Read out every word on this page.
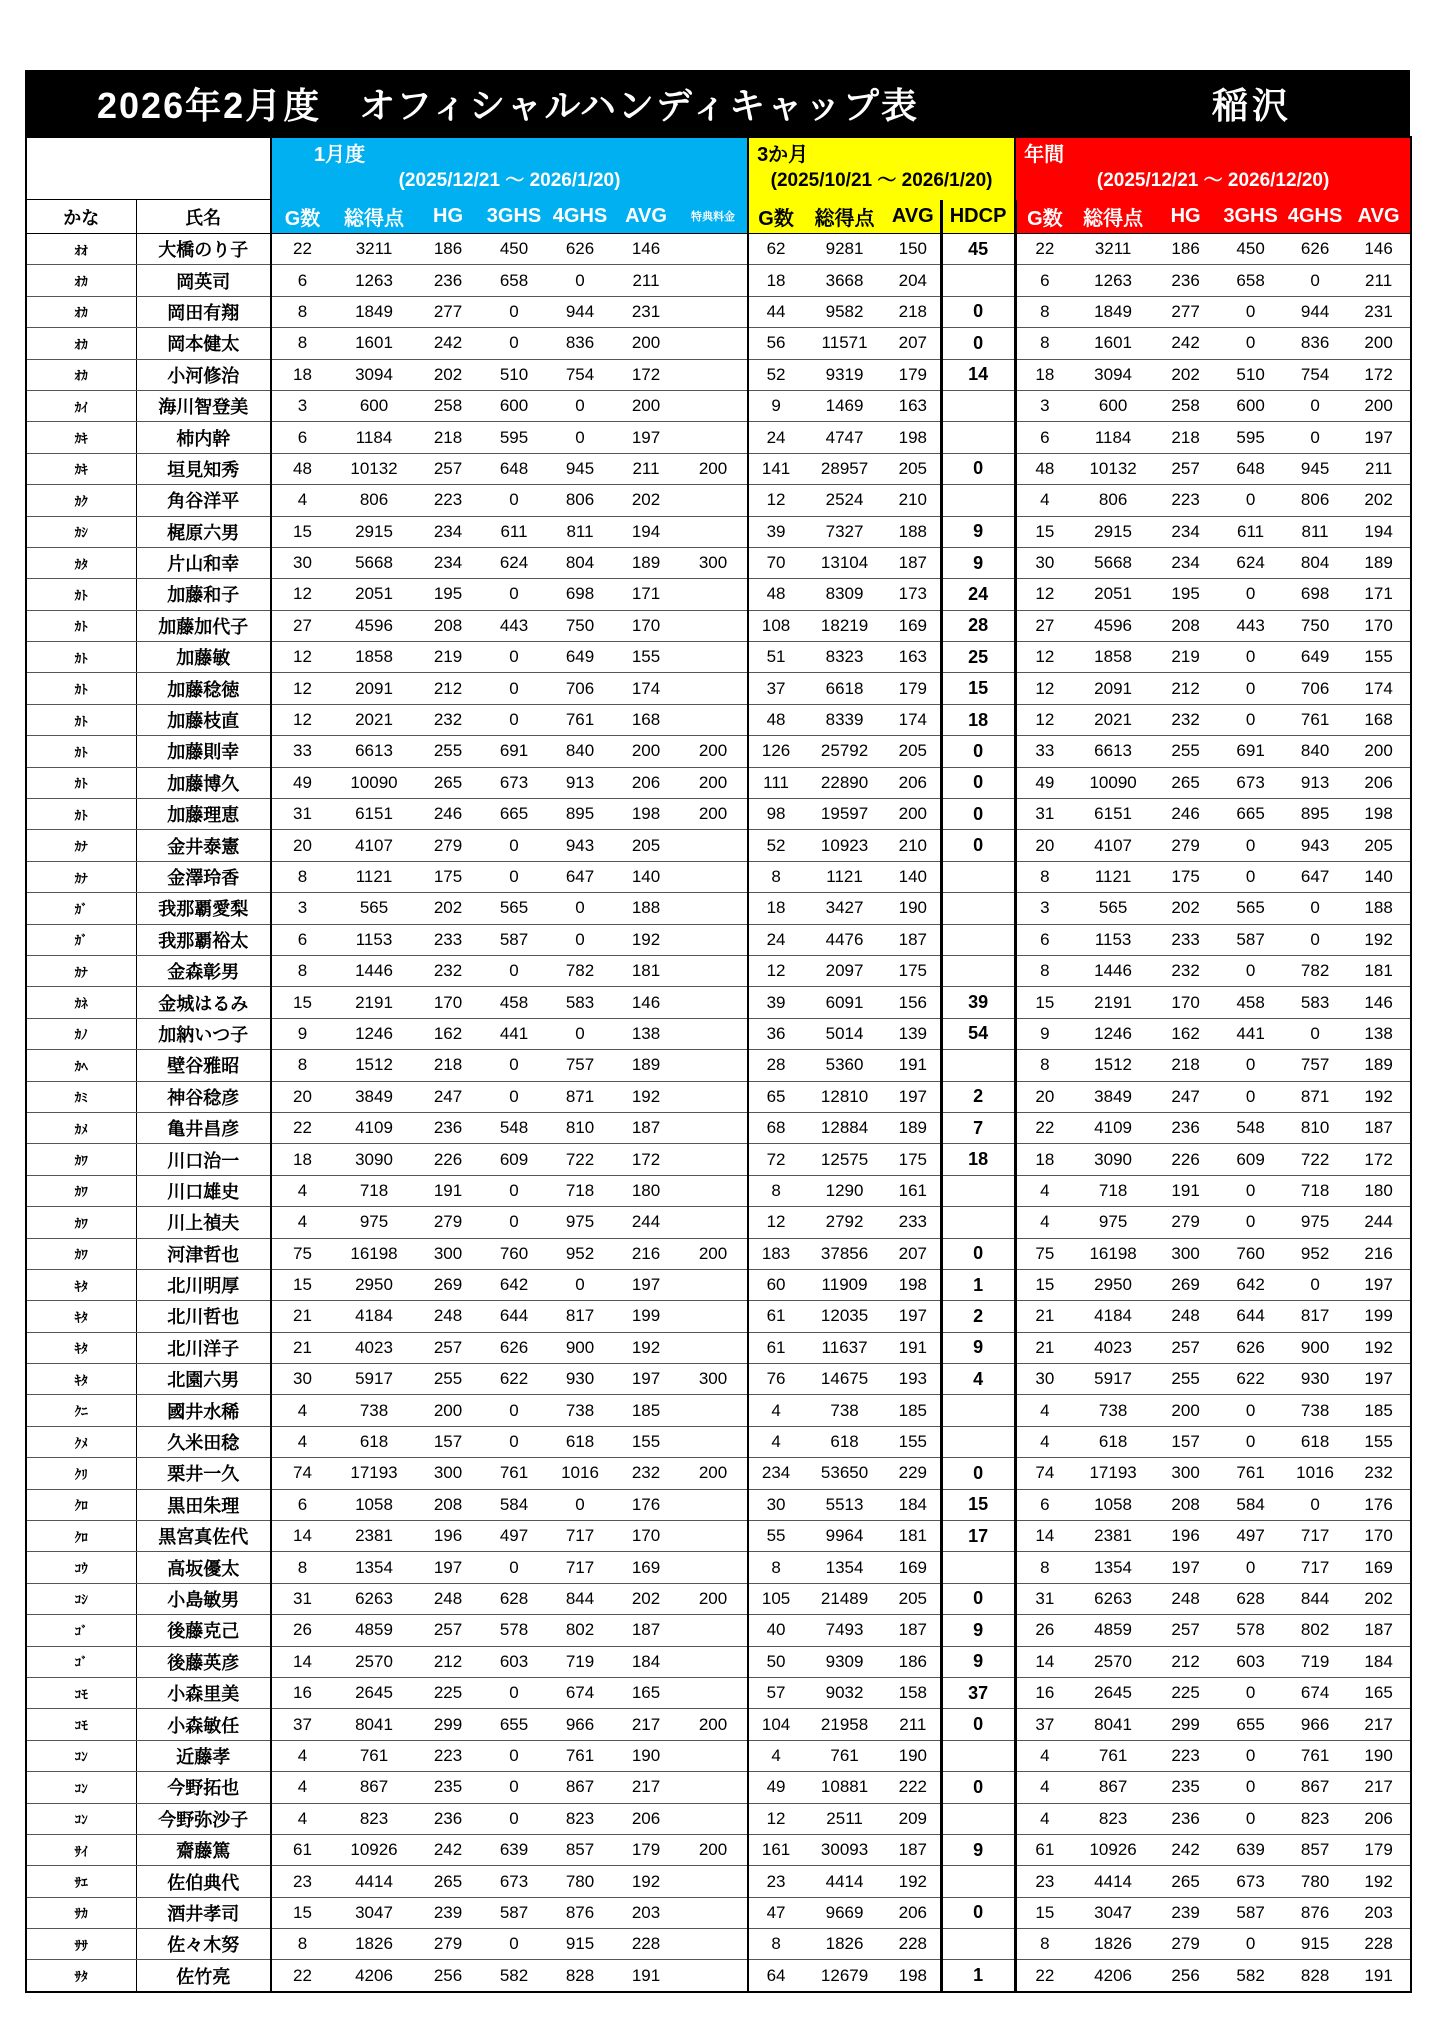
2026年2月度　オフィシャルハンディキャップ表	稲沢

1月度
(2025/12/21 ～ 2026/1/20)

3か月
(2025/10/21 ～ 2026/1/20)

年間
(2025/12/21 ～ 2026/12/20)

かな	氏名	G数	総得点	HG	3GHS	4GHS	AVG	特典料金	G数	総得点	AVG	HDCP	G数	総得点	HG	3GHS	4GHS	AVG
ｵｵ	大橋のり子	22	3211	186	450	626	146		62	9281	150	45	22	3211	186	450	626	146
ｵｶ	岡英司	6	1263	236	658	0	211		18	3668	204		6	1263	236	658	0	211
ｵｶ	岡田有翔	8	1849	277	0	944	231		44	9582	218	0	8	1849	277	0	944	231
ｵｶ	岡本健太	8	1601	242	0	836	200		56	11571	207	0	8	1601	242	0	836	200
ｵｶ	小河修治	18	3094	202	510	754	172		52	9319	179	14	18	3094	202	510	754	172
ｶｲ	海川智登美	3	600	258	600	0	200		9	1469	163		3	600	258	600	0	200
ｶｷ	柿内幹	6	1184	218	595	0	197		24	4747	198		6	1184	218	595	0	197
ｶｷ	垣見知秀	48	10132	257	648	945	211	200	141	28957	205	0	48	10132	257	648	945	211
ｶｸ	角谷洋平	4	806	223	0	806	202		12	2524	210		4	806	223	0	806	202
ｶｼ	梶原六男	15	2915	234	611	811	194		39	7327	188	9	15	2915	234	611	811	194
ｶﾀ	片山和幸	30	5668	234	624	804	189	300	70	13104	187	9	30	5668	234	624	804	189
ｶﾄ	加藤和子	12	2051	195	0	698	171		48	8309	173	24	12	2051	195	0	698	171
ｶﾄ	加藤加代子	27	4596	208	443	750	170		108	18219	169	28	27	4596	208	443	750	170
ｶﾄ	加藤敏	12	1858	219	0	649	155		51	8323	163	25	12	1858	219	0	649	155
ｶﾄ	加藤稔徳	12	2091	212	0	706	174		37	6618	179	15	12	2091	212	0	706	174
ｶﾄ	加藤枝直	12	2021	232	0	761	168		48	8339	174	18	12	2021	232	0	761	168
ｶﾄ	加藤則幸	33	6613	255	691	840	200	200	126	25792	205	0	33	6613	255	691	840	200
ｶﾄ	加藤博久	49	10090	265	673	913	206	200	111	22890	206	0	49	10090	265	673	913	206
ｶﾄ	加藤理恵	31	6151	246	665	895	198	200	98	19597	200	0	31	6151	246	665	895	198
ｶﾅ	金井泰憲	20	4107	279	0	943	205		52	10923	210	0	20	4107	279	0	943	205
ｶﾅ	金澤玲香	8	1121	175	0	647	140		8	1121	140		8	1121	175	0	647	140
ｶﾞ	我那覇愛梨	3	565	202	565	0	188		18	3427	190		3	565	202	565	0	188
ｶﾞ	我那覇裕太	6	1153	233	587	0	192		24	4476	187		6	1153	233	587	0	192
ｶﾅ	金森彰男	8	1446	232	0	782	181		12	2097	175		8	1446	232	0	782	181
ｶﾈ	金城はるみ	15	2191	170	458	583	146		39	6091	156	39	15	2191	170	458	583	146
ｶﾉ	加納いつ子	9	1246	162	441	0	138		36	5014	139	54	9	1246	162	441	0	138
ｶﾍ	壁谷雅昭	8	1512	218	0	757	189		28	5360	191		8	1512	218	0	757	189
ｶﾐ	神谷稔彦	20	3849	247	0	871	192		65	12810	197	2	20	3849	247	0	871	192
ｶﾒ	亀井昌彦	22	4109	236	548	810	187		68	12884	189	7	22	4109	236	548	810	187
ｶﾜ	川口治一	18	3090	226	609	722	172		72	12575	175	18	18	3090	226	609	722	172
ｶﾜ	川口雄史	4	718	191	0	718	180		8	1290	161		4	718	191	0	718	180
ｶﾜ	川上禎夫	4	975	279	0	975	244		12	2792	233		4	975	279	0	975	244
ｶﾜ	河津哲也	75	16198	300	760	952	216	200	183	37856	207	0	75	16198	300	760	952	216
ｷﾀ	北川明厚	15	2950	269	642	0	197		60	11909	198	1	15	2950	269	642	0	197
ｷﾀ	北川哲也	21	4184	248	644	817	199		61	12035	197	2	21	4184	248	644	817	199
ｷﾀ	北川洋子	21	4023	257	626	900	192		61	11637	191	9	21	4023	257	626	900	192
ｷﾀ	北園六男	30	5917	255	622	930	197	300	76	14675	193	4	30	5917	255	622	930	197
ｸﾆ	國井水稀	4	738	200	0	738	185		4	738	185		4	738	200	0	738	185
ｸﾒ	久米田稔	4	618	157	0	618	155		4	618	155		4	618	157	0	618	155
ｸﾘ	栗井一久	74	17193	300	761	1016	232	200	234	53650	229	0	74	17193	300	761	1016	232
ｸﾛ	黒田朱理	6	1058	208	584	0	176		30	5513	184	15	6	1058	208	584	0	176
ｸﾛ	黒宮真佐代	14	2381	196	497	717	170		55	9964	181	17	14	2381	196	497	717	170
ｺｳ	高坂優太	8	1354	197	0	717	169		8	1354	169		8	1354	197	0	717	169
ｺｼ	小島敏男	31	6263	248	628	844	202	200	105	21489	205	0	31	6263	248	628	844	202
ｺﾞ	後藤克己	26	4859	257	578	802	187		40	7493	187	9	26	4859	257	578	802	187
ｺﾞ	後藤英彦	14	2570	212	603	719	184		50	9309	186	9	14	2570	212	603	719	184
ｺﾓ	小森里美	16	2645	225	0	674	165		57	9032	158	37	16	2645	225	0	674	165
ｺﾓ	小森敏任	37	8041	299	655	966	217	200	104	21958	211	0	37	8041	299	655	966	217
ｺﾝ	近藤孝	4	761	223	0	761	190		4	761	190		4	761	223	0	761	190
ｺﾝ	今野拓也	4	867	235	0	867	217		49	10881	222	0	4	867	235	0	867	217
ｺﾝ	今野弥沙子	4	823	236	0	823	206		12	2511	209		4	823	236	0	823	206
ｻｲ	齋藤篤	61	10926	242	639	857	179	200	161	30093	187	9	61	10926	242	639	857	179
ｻｴ	佐伯典代	23	4414	265	673	780	192		23	4414	192		23	4414	265	673	780	192
ｻｶ	酒井孝司	15	3047	239	587	876	203		47	9669	206	0	15	3047	239	587	876	203
ｻｻ	佐々木努	8	1826	279	0	915	228		8	1826	228		8	1826	279	0	915	228
ｻﾀ	佐竹亮	22	4206	256	582	828	191		64	12679	198	1	22	4206	256	582	828	191
